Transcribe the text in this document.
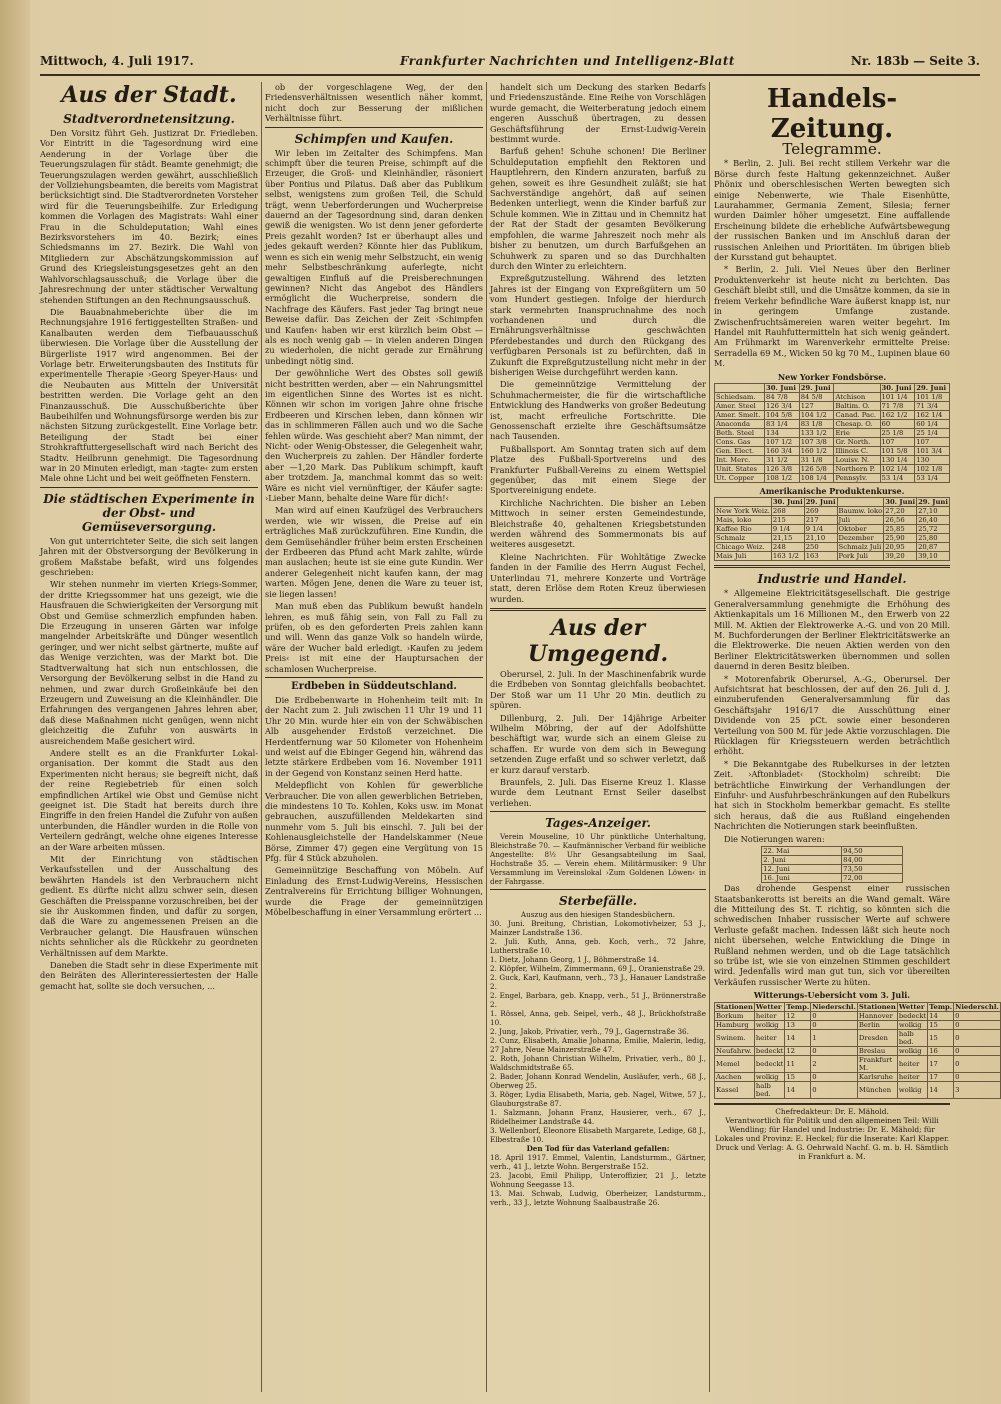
Mittwoch, 4. Juli 1917.	Frankfurter Nachrichten und Intelligenz-Blatt	Nr. 183b — Seite 3.
Aus der Stadt.
Stadtverordnetensitzung.

Den Vorsitz führt Geh. Justizrat Dr. Friedleben. Vor Eintritt in die Tagesordnung wird eine Aenderung in der Vorlage über die Teuerungszulagen für städt. Beamte genehmigt; die Teuerungszulagen werden gewährt, ausschließlich der Vollziehungsbeamten, die bereits vom Magistrat berücksichtigt sind. Die Stadtverordneten Vorsteher wird für die Teuerungsbeihilfe. Zur Erledigung kommen die Vorlagen des Magistrats: Wahl einer Frau in die Schuldeputation; Wahl eines Bezirksvorstehers im 40. Bezirk; eines Schiedsmanns im 27. Bezirk. Die Wahl von Mitgliedern zur Abschätzungskommission auf Grund des Kriegsleistungsgesetzes geht an den Wahlvorschlagsausschuß; die Vorlage über die Jahresrechnung der unter städtischer Verwaltung stehenden Stiftungen an den Rechnungsausschuß.

Die Bauabnahmeberichte über die im Rechnungsjahre 1916 fertiggestellten Straßen- und Kanalbauten werden dem Tiefbauausschuß überwiesen. Die Vorlage über die Ausstellung der Bürgerliste 1917 wird angenommen. Bei der Vorlage betr. Erweiterungsbauten des Instituts für experimentelle Therapie ›Georg Speyer-Haus‹ und die Neubauten aus Mitteln der Universität bestritten werden. Die Vorlage geht an den Finanzausschuß. Die Ausschußberichte über Baubeihilfen und Wohnungsfürsorge werden bis zur nächsten Sitzung zurückgestellt. Eine Vorlage betr. Beteiligung der Stadt bei einer Strohkraftfuttergesellschaft wird nach Bericht des Stadtv. Heilbrunn genehmigt. Die Tagesordnung war in 20 Minuten erledigt, man ›tagte‹ zum ersten Male ohne Licht und bei weit geöffneten Fenstern.

Die städtischen Experimente in der Obst- und Gemüseversorgung.

Von gut unterrichteter Seite, die sich seit langen Jahren mit der Obstversorgung der Bevölkerung in großem Maßstabe befaßt, wird uns folgendes geschrieben:

Wir stehen nunmehr im vierten Kriegs-Sommer, der dritte Kriegssommer hat uns gezeigt, wie die Hausfrauen die Schwierigkeiten der Versorgung mit Obst und Gemüse schmerzlich empfunden haben. Die Erzeugung in unseren Gärten war infolge mangelnder Arbeitskräfte und Dünger wesentlich geringer, und wer nicht selbst gärtnerte, mußte auf das Wenige verzichten, was der Markt bot. Die Stadtverwaltung hat sich nun entschlossen, die Versorgung der Bevölkerung selbst in die Hand zu nehmen, und zwar durch Großeinkäufe bei den Erzeugern und Zuweisung an die Kleinhändler. Die Erfahrungen des vergangenen Jahres lehren aber, daß diese Maßnahmen nicht genügen, wenn nicht gleichzeitig die Zufuhr von auswärts in ausreichendem Maße gesichert wird.

Andere stellt es an die Frankfurter Lokal-organisation. Der kommt die Stadt aus den Experimenten nicht heraus; sie begreift nicht, daß der reine Regiebetrieb für einen solch empfindlichen Artikel wie Obst und Gemüse nicht geeignet ist. Die Stadt hat bereits durch ihre Eingriffe in den freien Handel die Zufuhr von außen unterbunden, die Händler wurden in die Rolle von Verteilern gedrängt, welche ohne eigenes Interesse an der Ware arbeiten müssen.

Mit der Einrichtung von städtischen Verkaufsstellen und der Ausschaltung des bewährten Handels ist den Verbrauchern nicht gedient. Es dürfte nicht allzu schwer sein, diesen Geschäften die Preisspanne vorzuschreiben, bei der sie ihr Auskommen finden, und dafür zu sorgen, daß die Ware zu angemessenen Preisen an die Verbraucher gelangt. Die Hausfrauen wünschen nichts sehnlicher als die Rückkehr zu geordneten Verhältnissen auf dem Markte.

Daneben die Stadt sehr in diese Experimente mit den Beiräten des Allerinteressiertesten der Halle gemacht hat, sollte sie doch versuchen, ...

ob der vorgeschlagene Weg, der den Friedensverhältnissen wesentlich näher kommt, nicht doch zur Besserung der mißlichen Verhältnisse führt.

Schimpfen und Kaufen.

Wir leben im Zeitalter des Schimpfens. Man schimpft über die teuren Preise, schimpft auf die Erzeuger, die Groß- und Kleinhändler, räsoniert über Pontius und Pilatus. Daß aber das Publikum selbst, wenigstens zum großen Teil, die Schuld trägt, wenn Ueberforderungen und Wucherpreise dauernd an der Tagesordnung sind, daran denken gewiß die wenigsten. Wo ist denn jener geforderte Preis gezahlt worden? Ist er überhaupt alles und jedes gekauft werden? Könnte hier das Publikum, wenn es sich ein wenig mehr Selbstzucht, ein wenig mehr Selbstbeschränkung auferlegte, nicht gewaltigen Einfluß auf die Preisberechnungen gewinnen? Nicht das Angebot des Händlers ermöglicht die Wucherpreise, sondern die Nachfrage des Käufers. Fast jeder Tag bringt neue Beweise dafür. Das Zeichen der Zeit ›Schimpfen und Kaufen‹ haben wir erst kürzlich beim Obst — als es noch wenig gab — in vielen anderen Dingen zu wiederholen, die nicht gerade zur Ernährung unbedingt nötig sind.

Der gewöhnliche Wert des Obstes soll gewiß nicht bestritten werden, aber — ein Nahrungsmittel im eigentlichen Sinne des Wortes ist es nicht. Können wir schon im vorigen Jahre ohne frische Erdbeeren und Kirschen leben, dann können wir das in schlimmeren Fällen auch und wo die Sache fehlen würde. Was geschieht aber? Man nimmt, der Nicht- oder Wenig-Obstesser, die Gelegenheit wahr, den Wucherpreis zu zahlen. Der Händler forderte aber —1,20 Mark. Das Publikum schimpft, kauft aber trotzdem. Ja, manchmal kommt das so weit: Wäre es nicht viel vernünftiger, der Käufer sagte: ›Lieber Mann, behalte deine Ware für dich!‹

Man wird auf einen Kaufzügel des Verbrauchers werden, wie wir wissen, die Preise auf ein erträgliches Maß zurückzuführen. Eine Kundin, die dem Gemüsehändler früher beim ersten Erscheinen der Erdbeeren das Pfund acht Mark zahlte, würde man auslachen; heute ist sie eine gute Kundin. Wer anderer Gelegenheit nicht kaufen kann, der mag warten. Mögen Jene, denen die Ware zu teuer ist, sie liegen lassen!

Man muß eben das Publikum bewußt handeln lehren, es muß fähig sein, von Fall zu Fall zu prüfen, ob es den geforderten Preis zahlen kann und will. Wenn das ganze Volk so handeln würde, wäre der Wucher bald erledigt. ›Kaufen zu jedem Preis‹ ist mit eine der Hauptursachen der schamlosen Wucherpreise.

Erdbeben in Süddeutschland.

Die Erdbebenwarte in Hohenheim teilt mit: In der Nacht zum 2. Juli zwischen 11 Uhr 19 und 11 Uhr 20 Min. wurde hier ein von der Schwäbischen Alb ausgehender Erdstoß verzeichnet. Die Herdentfernung war 50 Kilometer von Hohenheim und weist auf die Ebinger Gegend hin, während das letzte stärkere Erdbeben vom 16. November 1911 in der Gegend von Konstanz seinen Herd hatte.

Meldepflicht von Kohlen für gewerbliche Verbraucher. Die von allen gewerblichen Betrieben, die mindestens 10 To. Kohlen, Koks usw. im Monat gebrauchen, auszufüllenden Meldekarten sind nunmehr vom 5. Juli bis einschl. 7. Juli bei der Kohlenausgleichstelle der Handelskammer (Neue Börse, Zimmer 47) gegen eine Vergütung von 15 Pfg. für 4 Stück abzuholen.

Gemeinnützige Beschaffung von Möbeln. Auf Einladung des Ernst-Ludwig-Vereins, Hessischen Zentralvereins für Errichtung billiger Wohnungen, wurde die Frage der gemeinnützigen Möbelbeschaffung in einer Versammlung erörtert ...

handelt sich um Deckung des starken Bedarfs und Friedenszustände. Eine Reihe von Vorschlägen wurde gemacht, die Weiterberatung jedoch einem engeren Ausschuß übertragen, zu dessen Geschäftsführung der Ernst-Ludwig-Verein bestimmt wurde.

Barfuß gehen! Schuhe schonen! Die Berliner Schuldeputation empfiehlt den Rektoren und Hauptlehrern, den Kindern anzuraten, barfuß zu gehen, soweit es ihre Gesundheit zuläßt; sie hat Sachverständige angehört, daß auf seinen Bedenken unterliegt, wenn die Kinder barfuß zur Schule kommen. Wie in Zittau und in Chemnitz hat der Rat der Stadt der gesamten Bevölkerung empfohlen, die warme Jahreszeit noch mehr als bisher zu benutzen, um durch Barfußgehen an Schuhwerk zu sparen und so das Durchhalten durch den Winter zu erleichtern.

Expreßgutzustellung. Während des letzten Jahres ist der Eingang von Expreßgütern um 50 vom Hundert gestiegen. Infolge der hierdurch stark vermehrten Inanspruchnahme des noch vorhandenen und durch die Ernährungsverhältnisse geschwächten Pferdebestandes und durch den Rückgang des verfügbaren Personals ist zu befürchten, daß in Zukunft die Expreßgutzustellung nicht mehr in der bisherigen Weise durchgeführt werden kann.

Die gemeinnützige Vermittelung der Schuhmachermeister, die für die wirtschaftliche Entwicklung des Handwerks von großer Bedeutung ist, macht erfreuliche Fortschritte. Die Genossenschaft erzielte ihre Geschäftsumsätze nach Tausenden.

Fußballsport. Am Sonntag traten sich auf dem Platze des Fußball-Sportvereins und des Frankfurter Fußball-Vereins zu einem Wettspiel gegenüber, das mit einem Siege der Sportvereinigung endete.

Kirchliche Nachrichten. Die bisher an Leben Mittwoch in seiner ersten Gemeindestunde, Bleichstraße 40, gehaltenen Kriegsbetstunden werden während des Sommermonats bis auf weiteres ausgesetzt.

Kleine Nachrichten. Für Wohltätige Zwecke fanden in der Familie des Herrn August Fechel, Unterlindau 71, mehrere Konzerte und Vorträge statt, deren Erlöse dem Roten Kreuz überwiesen wurden.

Aus der Umgegend.

Oberursel, 2. Juli. In der Maschinenfabrik wurde die Erdbeben von Sonntag gleichfalls beobachtet. Der Stoß war um 11 Uhr 20 Min. deutlich zu spüren.

Dillenburg, 2. Juli. Der 14jährige Arbeiter Wilhelm Möbring, der auf der Adolfshütte beschäftigt war, wurde sich an einem Gleise zu schaffen. Er wurde von dem sich in Bewegung setzenden Zuge erfaßt und so schwer verletzt, daß er kurz darauf verstarb.

Braunfels, 2. Juli. Das Eiserne Kreuz 1. Klasse wurde dem Leutnant Ernst Seiler daselbst verliehen.

Tages-Anzeiger.

Verein Mouseline, 10 Uhr pünktliche Unterhaltung, Bleichstraße 70. — Kaufmännischer Verband für weibliche Angestellte: 8½ Uhr Gesangsabteilung im Saal, Hochstraße 35. — Verein ehem. Militärmusiker: 9 Uhr Versammlung im Vereinslokal ›Zum Goldenen Löwen‹ in der Fahrgasse.

Sterbefälle.
Auszug aus den hiesigen Standesbüchern.
30. Juni. Breitung, Christian, Lokomotivheizer, 53 J., Mainzer Landstraße 136.
2. Juli. Kuth, Anna, geb. Koch, verh., 72 Jahre, Lutherstraße 10.
1. Dietz, Johann Georg, 1 J., Böhmerstraße 14.
2. Klöpfer, Wilhelm, Zimmermann, 69 J., Oranienstraße 29.
2. Guck, Karl, Kaufmann, verh., 73 J., Hanauer Landstraße 2.
2. Engel, Barbara, geb. Knapp, verh., 51 J., Brönnerstraße 2.
1. Rössel, Anna, geb. Seipel, verh., 48 J., Brückhofstraße 10.
2. Jung, Jakob, Privatier, verh., 79 J., Gagernstraße 36.
2. Cunz, Elisabeth, Amalie Johanna, Emilie, Malerin, ledig, 27 Jahre, Neue Mainzerstraße 47.
2. Roth, Johann Christian Wilhelm, Privatier, verh., 80 J., Waldschmidtstraße 65.
2. Bader, Johann Konrad Wendelin, Ausläufer, verh., 68 J., Oberweg 25.
3. Röger, Lydia Elisabeth, Maria, geb. Nagel, Witwe, 57 J., Glauburgstraße 87.
1. Salzmann, Johann Franz, Hausierer, verh., 67 J., Rödelheimer Landstraße 44.
3. Wellenborf, Eleonore Elisabeth Margarete, Ledige, 68 J., Elbestraße 10.
Den Tod für das Vaterland gefallen:
18. April 1917. Emmel, Valentin, Landsturmm., Gärtner, verh., 41 J., letzte Wohn. Bergerstraße 152.
23. Jacobi, Emil Philipp, Unteroffizier, 21 J., letzte Wohnung Seegasse 13.
13. Mai. Schwab, Ludwig, Oberheizer, Landsturmm., verh., 33 J., letzte Wohnung Saalbaustraße 26.
Handels-Zeitung.
Telegramme.

* Berlin, 2. Juli. Bei recht stillem Verkehr war die Börse durch feste Haltung gekennzeichnet. Außer Phönix und oberschlesischen Werten bewegten sich einige Nebenwerte, wie Thale Eisenhütte, Laurahammer, Germania Zement, Silesia; ferner wurden Daimler höher umgesetzt. Eine auffallende Erscheinung bildete die erhebliche Aufwärtsbewegung der russischen Banken und im Anschluß daran der russischen Anleihen und Prioritäten. Im übrigen blieb der Kursstand gut behauptet.

* Berlin, 2. Juli. Viel Neues über den Berliner Produktenverkehr ist heute nicht zu berichten. Das Geschäft bleibt still, und die Umsätze kommen, da sie in freiem Verkehr befindliche Ware äußerst knapp ist, nur in geringem Umfange zustande. Zwischenfruchtsämereien waren weiter begehrt. Im Handel mit Rauhfuttermitteln hat sich wenig geändert. Am Frühmarkt im Warenverkehr ermittelte Preise: Serradella 69 M., Wicken 50 kg 70 M., Lupinen blaue 60 M.

New Yorker Fondsbörse.
	30. Juni	29. Juni		30. Juni	29. Juni
Schiedsam.	84 7/8	84 5/8	Atchison	101 1/4	101 1/8
Amer. Steel	126 3/4	127	Baltim. O.	71 7/8	71 3/4
Amer. Smelt.	104 5/8	104 1/2	Canad. Pac.	162 1/2	162 1/4
Anaconda	83 1/4	83 1/8	Chesap. O.	60	60 1/4
Beth. Steel	134	133 1/2	Erie	25 1/8	25 1/4
Cons. Gas	107 1/2	107 3/8	Gr. North.	107	107
Gen. Elect.	160 3/4	160 1/2	Illinois C.	101 5/8	101 3/4
Int. Merc.	31 1/2	31 1/8	Louisv. N.	130 1/4	130
Unit. States	126 3/8	126 5/8	Northern P.	102 1/4	102 1/8
Ut. Copper	108 1/2	108 1/4	Pennsylv.	53 1/4	53 1/4
Amerikanische Produktenkurse.
	30. Juni	29. Juni		30. Juni	29. Juni
New York Weiz.	268	269	Baumw. loko	27,20	27,10
Mais, loko	215	217	Juli	26,56	26,40
Kaffee Rio	9 1/4	9 1/4	Oktober	25,85	25,72
Schmalz	21,15	21,10	Dezember	25,90	25,80
Chicago Weiz.	248	250	Schmalz Juli	20,95	20,87
Mais Juli	163 1/2	163	Pork Juli	39,20	39,10
Industrie und Handel.

* Allgemeine Elektricitätsgesellschaft. Die gestrige Generalversammlung genehmigte die Erhöhung des Aktienkapitals um 16 Millionen M., den Erwerb von 22 Mill. M. Aktien der Elektrowerke A.-G. und von 20 Mill. M. Buchforderungen der Berliner Elektricitätswerke an die Elektrowerke. Die neuen Aktien werden von den Berliner Elektricitätswerken übernommen und sollen dauernd in deren Besitz bleiben.

* Motorenfabrik Oberursel, A.-G., Oberursel. Der Aufsichtsrat hat beschlossen, der auf den 26. Juli d. J. einzuberufenden Generalversammlung für das Geschäftsjahr 1916/17 die Ausschüttung einer Dividende von 25 pCt. sowie einer besonderen Verteilung von 500 M. für jede Aktie vorzuschlagen. Die Rücklagen für Kriegssteuern werden beträchtlich erhöht.

* Die Bekanntgabe des Rubelkurses in der letzten Zeit. ›Aftonbladet‹ (Stockholm) schreibt: Die beträchtliche Einwirkung der Verhandlungen der Einfuhr- und Ausfuhrbeschränkungen auf den Rubelkurs hat sich in Stockholm bemerkbar gemacht. Es stellte sich heraus, daß die aus Rußland eingehenden Nachrichten die Notierungen stark beeinflußten.

Die Notierungen waren:

22. Mai	94,50
2. Juni	84,00
12. Juni	73,50
16. Juni	72,00

Das drohende Gespenst einer russischen Staatsbankerotts ist bereits an die Wand gemalt. Wäre die Mitteilung des St. T. richtig, so könnten sich die schwedischen Inhaber russischer Werte auf schwere Verluste gefaßt machen. Indessen läßt sich heute noch nicht übersehen, welche Entwicklung die Dinge in Rußland nehmen werden, und ob die Lage tatsächlich so trübe ist, wie sie von einzelnen Stimmen geschildert wird. Jedenfalls wird man gut tun, sich vor übereilten Verkäufen russischer Werte zu hüten.

Witterungs-Uebersicht vom 3. Juli.
Stationen	Wetter	Temp.	Niederschl.	Stationen	Wetter	Temp.	Niederschl.
Borkum	heiter	12	0	Hannover	bedeckt	14	0
Hamburg	wolkig	13	0	Berlin	wolkig	15	0
Swinem.	heiter	14	1	Dresden	halb bed.	15	0
Neufahrw.	bedeckt	12	0	Breslau	wolkig	16	0
Memel	bedeckt	11	2	Frankfurt M.	heiter	17	0
Aachen	wolkig	15	0	Karlsruhe	heiter	17	0
Kassel	halb bed.	14	0	München	wolkig	14	3
Chefredakteur: Dr. E. Mähold.
Verantwortlich für Politik und den allgemeinen Teil: Willi Wendling; für Handel und Industrie: Dr. E. Mähold; für Lokales und Provinz: E. Heckel; für die Inserate: Karl Klapper.
Druck und Verlag: A. G. Oehrwald Nachf. G. m. b. H. Sämtlich in Frankfurt a. M.
